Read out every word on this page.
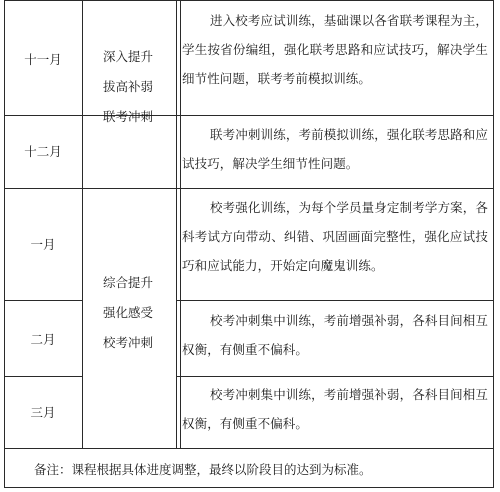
十一月
十二月
一月
二月
三月
深入提升
拔高补弱
联考冲刺
综合提升
强化感受
校考冲刺

进入校考应试训练，基础课以各省联考课程为主，学生按省份编组，强化联考思路和应试技巧，解决学生细节性问题，联考考前模拟训练。

联考冲刺训练，考前模拟训练，强化联考思路和应试技巧，解决学生细节性问题。

校考强化训练，为每个学员量身定制考学方案，各科考试方向带动、纠错、巩固画面完整性，强化应试技巧和应试能力，开始定向魔鬼训练。

校考冲刺集中训练，考前增强补弱，各科目间相互权衡，有侧重不偏科。

校考冲刺集中训练，考前增强补弱，各科目间相互权衡，有侧重不偏科。

备注：课程根据具体进度调整，最终以阶段目的达到为标准。
